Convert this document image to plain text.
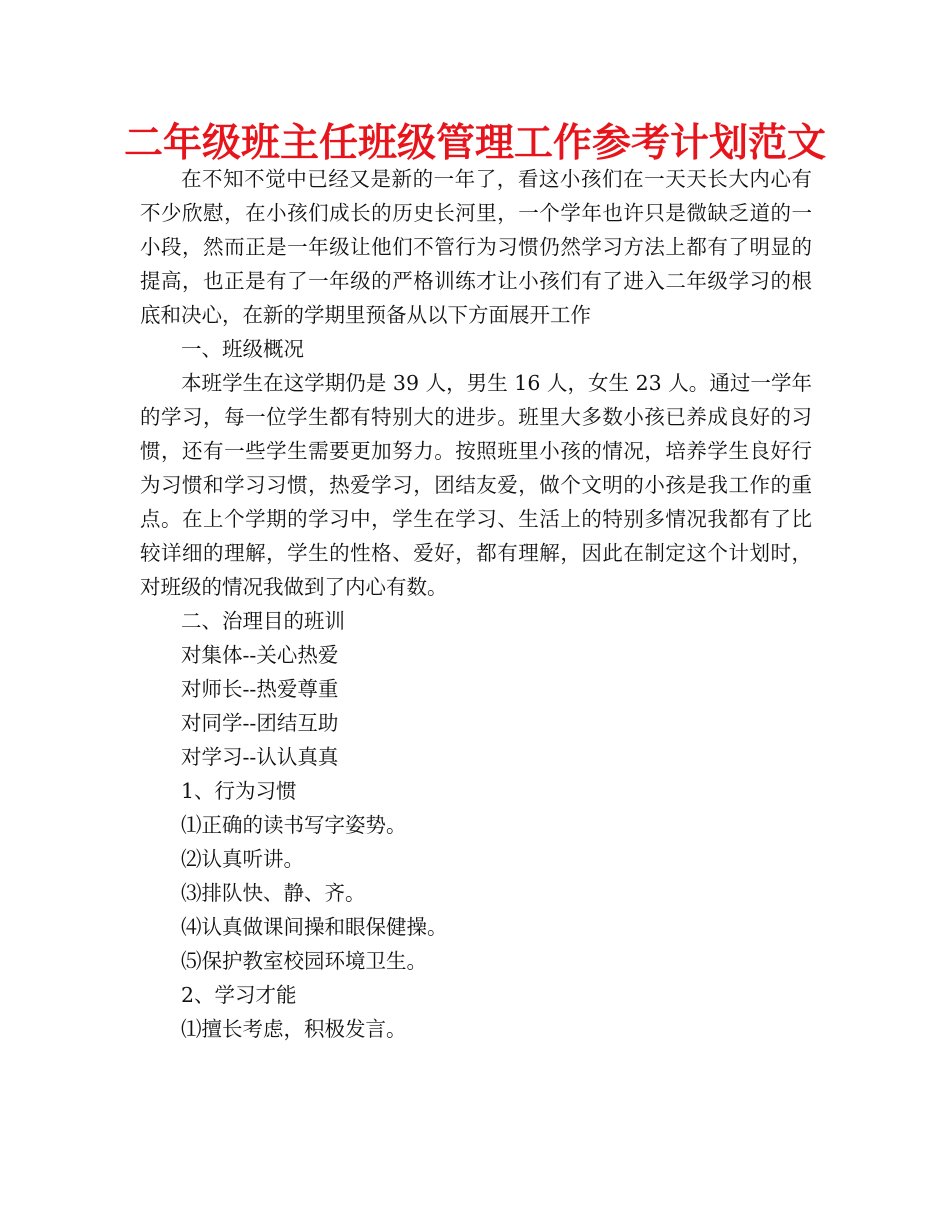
二年级班主任班级管理工作参考计划范文

在不知不觉中已经又是新的一年了，看这小孩们在一天天长大内心有不少欣慰，在小孩们成长的历史长河里，一个学年也许只是微缺乏道的一小段，然而正是一年级让他们不管行为习惯仍然学习方法上都有了明显的提高，也正是有了一年级的严格训练才让小孩们有了进入二年级学习的根底和决心，在新的学期里预备从以下方面展开工作

一、班级概况

本班学生在这学期仍是 39 人，男生 16 人，女生 23 人。通过一学年的学习，每一位学生都有特别大的进步。班里大多数小孩已养成良好的习惯，还有一些学生需要更加努力。按照班里小孩的情况，培养学生良好行为习惯和学习习惯，热爱学习，团结友爱，做个文明的小孩是我工作的重点。在上个学期的学习中，学生在学习、生活上的特别多情况我都有了比较详细的理解，学生的性格、爱好，都有理解，因此在制定这个计划时，对班级的情况我做到了内心有数。

二、治理目的班训

对集体--关心热爱

对师长--热爱尊重

对同学--团结互助

对学习--认认真真

1、行为习惯

⑴正确的读书写字姿势。

⑵认真听讲。

⑶排队快、静、齐。

⑷认真做课间操和眼保健操。

⑸保护教室校园环境卫生。

2、学习才能

⑴擅长考虑，积极发言。
